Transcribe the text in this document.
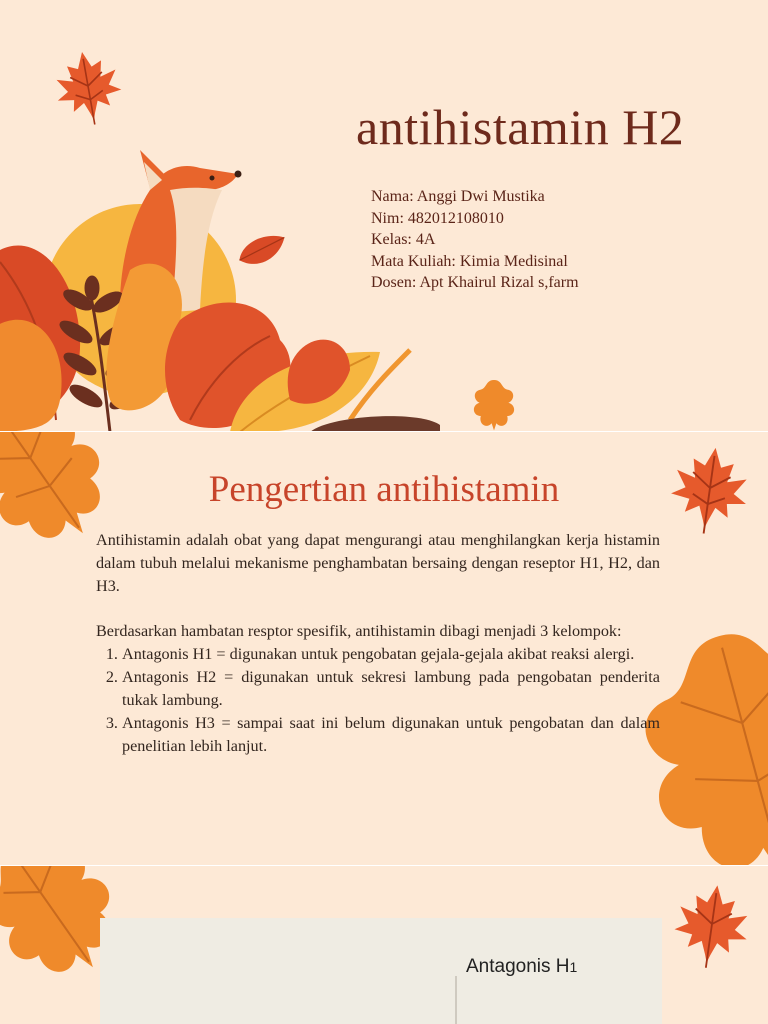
antihistamin H2
Nama: Anggi Dwi Mustika
Nim: 482012108010
Kelas: 4A
Mata Kuliah: Kimia Medisinal
Dosen: Apt Khairul Rizal s,farm
Pengertian antihistamin

Antihistamin adalah obat yang dapat mengurangi atau menghilangkan kerja histamin dalam tubuh melalui mekanisme penghambatan bersaing dengan reseptor H1, H2, dan H3.

Berdasarkan hambatan resptor spesifik, antihistamin dibagi menjadi 3 kelompok:

1. Antagonis H1 = digunakan untuk pengobatan gejala-gejala akibat reaksi alergi.
2. Antagonis H2 = digunakan untuk sekresi lambung pada pengobatan penderita tukak lambung.
3. Antagonis H3 = sampai saat ini belum digunakan untuk pengobatan dan dalam penelitian lebih lanjut.
Antagonis H1
